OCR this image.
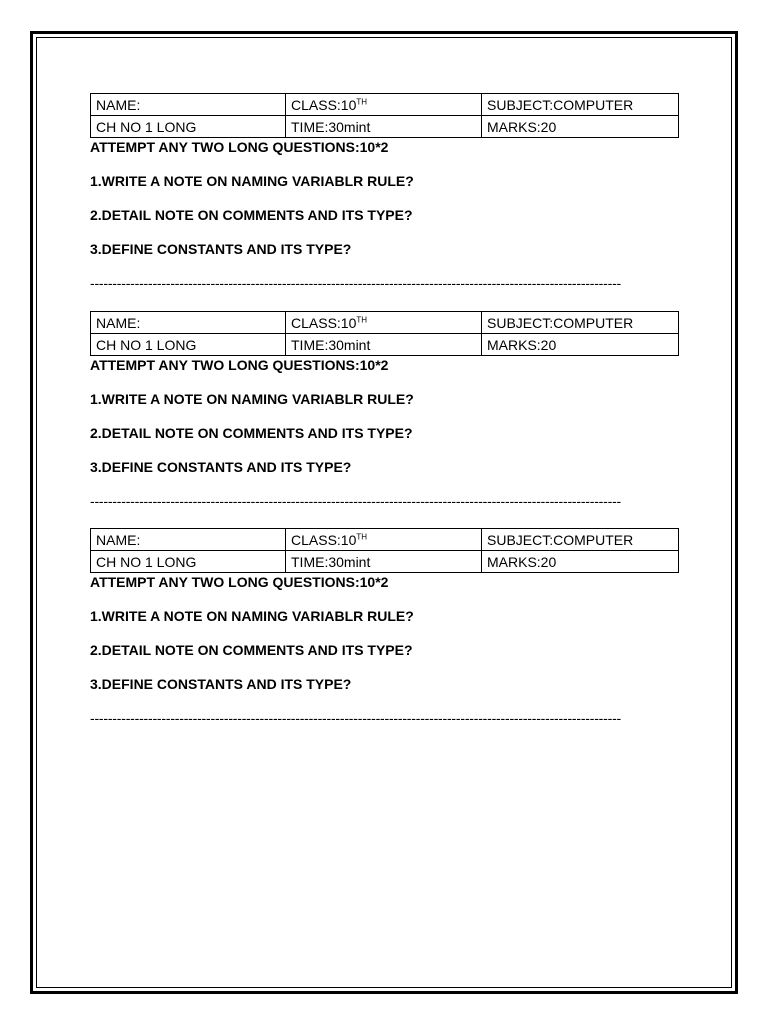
NAME:	CLASS:10TH	SUBJECT:COMPUTER
CH NO 1 LONG	TIME:30mint	MARKS:20
ATTEMPT ANY TWO LONG QUESTIONS:10*2
1.WRITE A NOTE ON NAMING VARIABLR RULE?
2.DETAIL NOTE ON COMMENTS AND ITS TYPE?
3.DEFINE CONSTANTS AND ITS TYPE?
-----------------------------------------------------------------------------------------------------------------------
NAME:	CLASS:10TH	SUBJECT:COMPUTER
CH NO 1 LONG	TIME:30mint	MARKS:20
ATTEMPT ANY TWO LONG QUESTIONS:10*2
1.WRITE A NOTE ON NAMING VARIABLR RULE?
2.DETAIL NOTE ON COMMENTS AND ITS TYPE?
3.DEFINE CONSTANTS AND ITS TYPE?
-----------------------------------------------------------------------------------------------------------------------
NAME:	CLASS:10TH	SUBJECT:COMPUTER
CH NO 1 LONG	TIME:30mint	MARKS:20
ATTEMPT ANY TWO LONG QUESTIONS:10*2
1.WRITE A NOTE ON NAMING VARIABLR RULE?
2.DETAIL NOTE ON COMMENTS AND ITS TYPE?
3.DEFINE CONSTANTS AND ITS TYPE?
-----------------------------------------------------------------------------------------------------------------------
